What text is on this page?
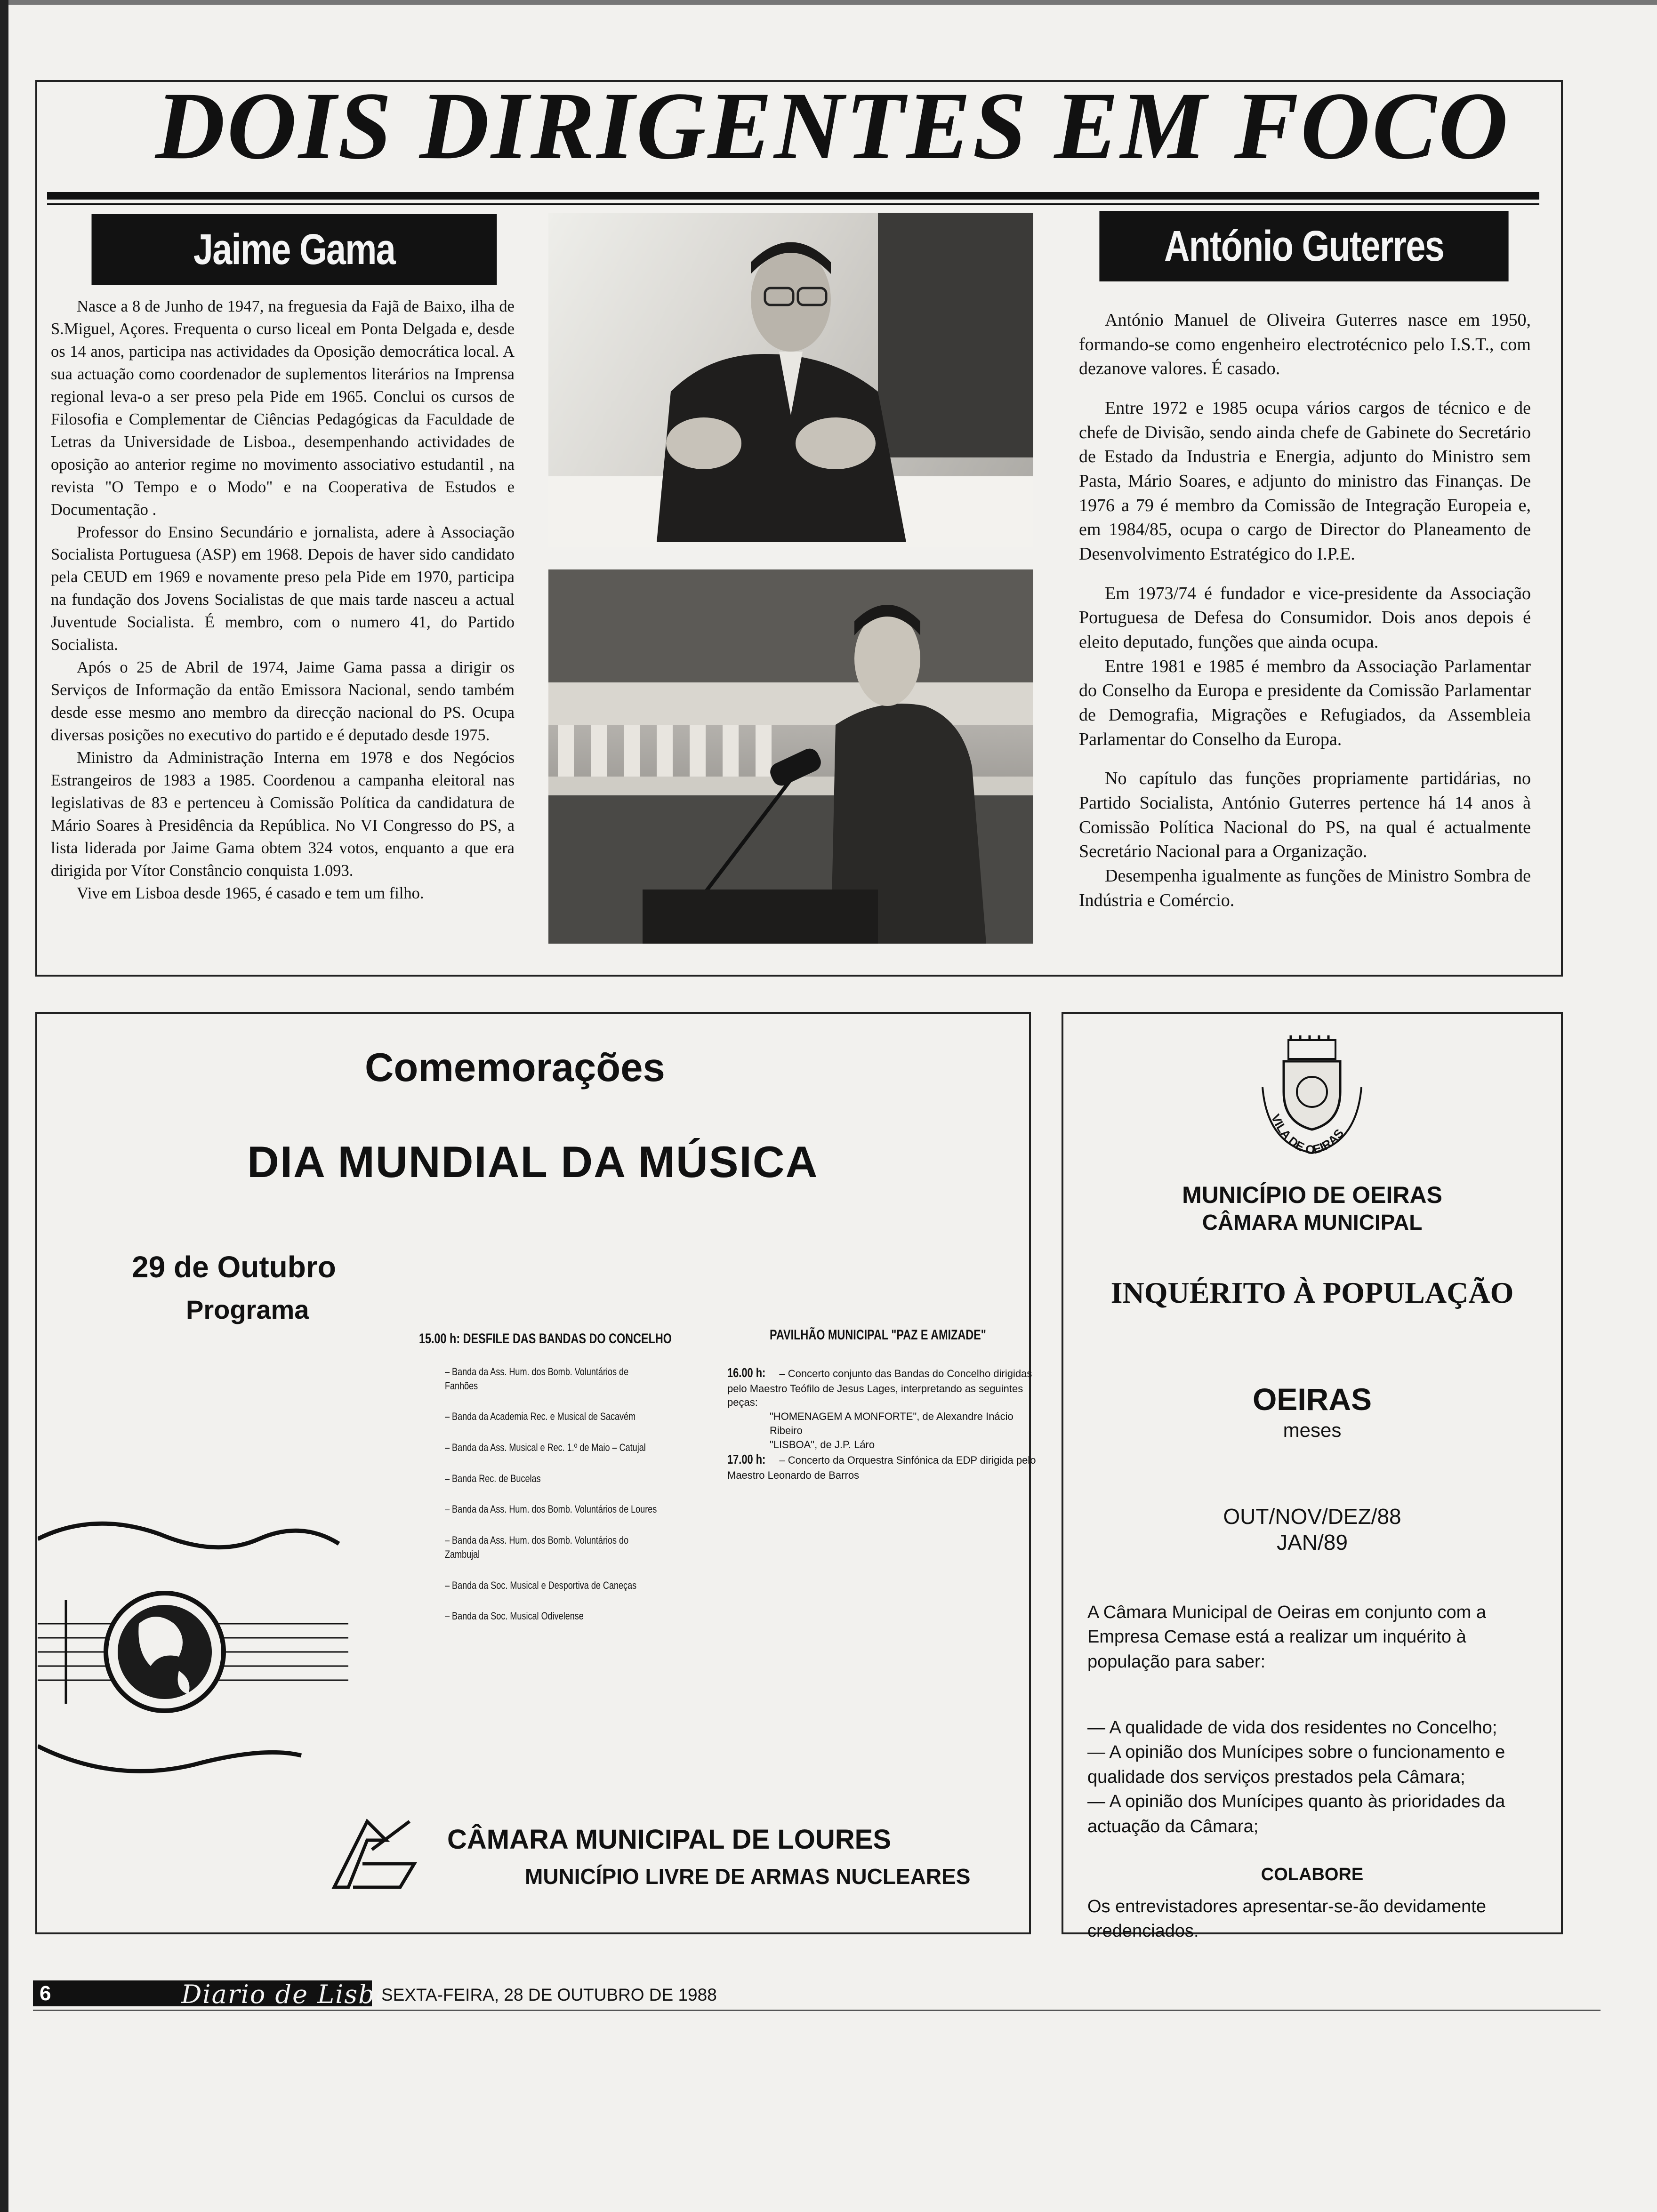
DOIS DIRIGENTES EM FOCO
Jaime Gama	António Guterres

Nasce a 8 de Junho de 1947, na freguesia da Fajã de Baixo, ilha de S.Miguel, Açores. Frequenta o curso liceal em Ponta Delgada e, desde os 14 anos, participa nas actividades da Oposição democrática local. A sua actuação como coordenador de suplementos literários na Imprensa regional leva-o a ser preso pela Pide em 1965. Conclui os cursos de Filosofia e Complementar de Ciências Pedagógicas da Faculdade de Letras da Universidade de Lisboa., desempenhando actividades de oposição ao anterior regime no movimento associativo estudantil , na revista "O Tempo e o Modo" e na Cooperativa de Estudos e Documentação .

Professor do Ensino Secundário e jornalista, adere à Associação Socialista Portuguesa (ASP) em 1968. Depois de haver sido candidato pela CEUD em 1969 e novamente preso pela Pide em 1970, participa na fundação dos Jovens Socialistas de que mais tarde nasceu a actual Juventude Socialista. É membro, com o numero 41, do Partido Socialista.

Após o 25 de Abril de 1974, Jaime Gama passa a dirigir os Serviços de Informação da então Emissora Nacional, sendo também desde esse mesmo ano membro da direcção nacional do PS. Ocupa diversas posições no executivo do partido e é deputado desde 1975.

Ministro da Administração Interna em 1978 e dos Negócios Estrangeiros de 1983 a 1985. Coordenou a campanha eleitoral nas legislativas de 83 e pertenceu à Comissão Política da candidatura de Mário Soares à Presidência da República. No VI Congresso do PS, a lista liderada por Jaime Gama obtem 324 votos, enquanto a que era dirigida por Vítor Constâncio conquista 1.093.

Vive em Lisboa desde 1965, é casado e tem um filho.

António Manuel de Oliveira Guterres nasce em 1950, formando-se como engenheiro electrotécnico pelo I.S.T., com dezanove valores. É casado.

Entre 1972 e 1985 ocupa vários cargos de técnico e de chefe de Divisão, sendo ainda chefe de Gabinete do Secretário de Estado da Industria e Energia, adjunto do Ministro sem Pasta, Mário Soares, e adjunto do ministro das Finanças. De 1976 a 79 é membro da Comissão de Integração Europeia e, em 1984/85, ocupa o cargo de Director do Planeamento de Desenvolvimento Estratégico do I.P.E.

Em 1973/74 é fundador e vice-presidente da Associação Portuguesa de Defesa do Consumidor. Dois anos depois é eleito deputado, funções que ainda ocupa.

Entre 1981 e 1985 é membro da Associação Parlamentar do Conselho da Europa e presidente da Comissão Parlamentar de Demografia, Migrações e Refugiados, da Assembleia Parlamentar do Conselho da Europa.

No capítulo das funções propriamente partidárias, no Partido Socialista, António Guterres pertence há 14 anos à Comissão Política Nacional do PS, na qual é actualmente Secretário Nacional para a Organização.

Desempenha igualmente as funções de Ministro Sombra de Indústria e Comércio.

Comemorações
DIA MUNDIAL DA MÚSICA
29 de Outubro
Programa
15.00 h: DESFILE DAS BANDAS DO CONCELHO
– Banda da Ass. Hum. dos Bomb. Voluntários de Fanhões
– Banda da Academia Rec. e Musical de Sacavém
– Banda da Ass. Musical e Rec. 1.º de Maio – Catujal
– Banda Rec. de Bucelas
– Banda da Ass. Hum. dos Bomb. Voluntários de Loures
– Banda da Ass. Hum. dos Bomb. Voluntários do Zambujal
– Banda da Soc. Musical e Desportiva de Caneças
– Banda da Soc. Musical Odivelense
PAVILHÃO MUNICIPAL "PAZ E AMIZADE"
16.00 h: – Concerto conjunto das Bandas do Concelho dirigidas pelo Maestro Teófilo de Jesus Lages, interpretando as seguintes peças:
"HOMENAGEM A MONFORTE", de Alexandre Inácio Ribeiro
"LISBOA", de J.P. Láro
17.00 h: – Concerto da Orquestra Sinfónica da EDP dirigida pelo Maestro Leonardo de Barros
CÂMARA MUNICIPAL DE LOURES
MUNICÍPIO LIVRE DE ARMAS NUCLEARES
VILA DE OEIRAS
MUNICÍPIO DE OEIRAS
CÂMARA MUNICIPAL
INQUÉRITO À POPULAÇÃO
OEIRAS
meses
OUT/NOV/DEZ/88
JAN/89
A Câmara Municipal de Oeiras em conjunto com a Empresa Cemase está a realizar um inquérito à população para saber:
— A qualidade de vida dos residentes no Concelho;
— A opinião dos Munícipes sobre o funcionamento e qualidade dos serviços prestados pela Câmara;
— A opinião dos Munícipes quanto às prioridades da actuação da Câmara;
COLABORE
Os entrevistadores apresentar-se-ão devidamente credenciados.
6	Diario de Lisboa
SEXTA-FEIRA, 28 DE OUTUBRO DE 1988
